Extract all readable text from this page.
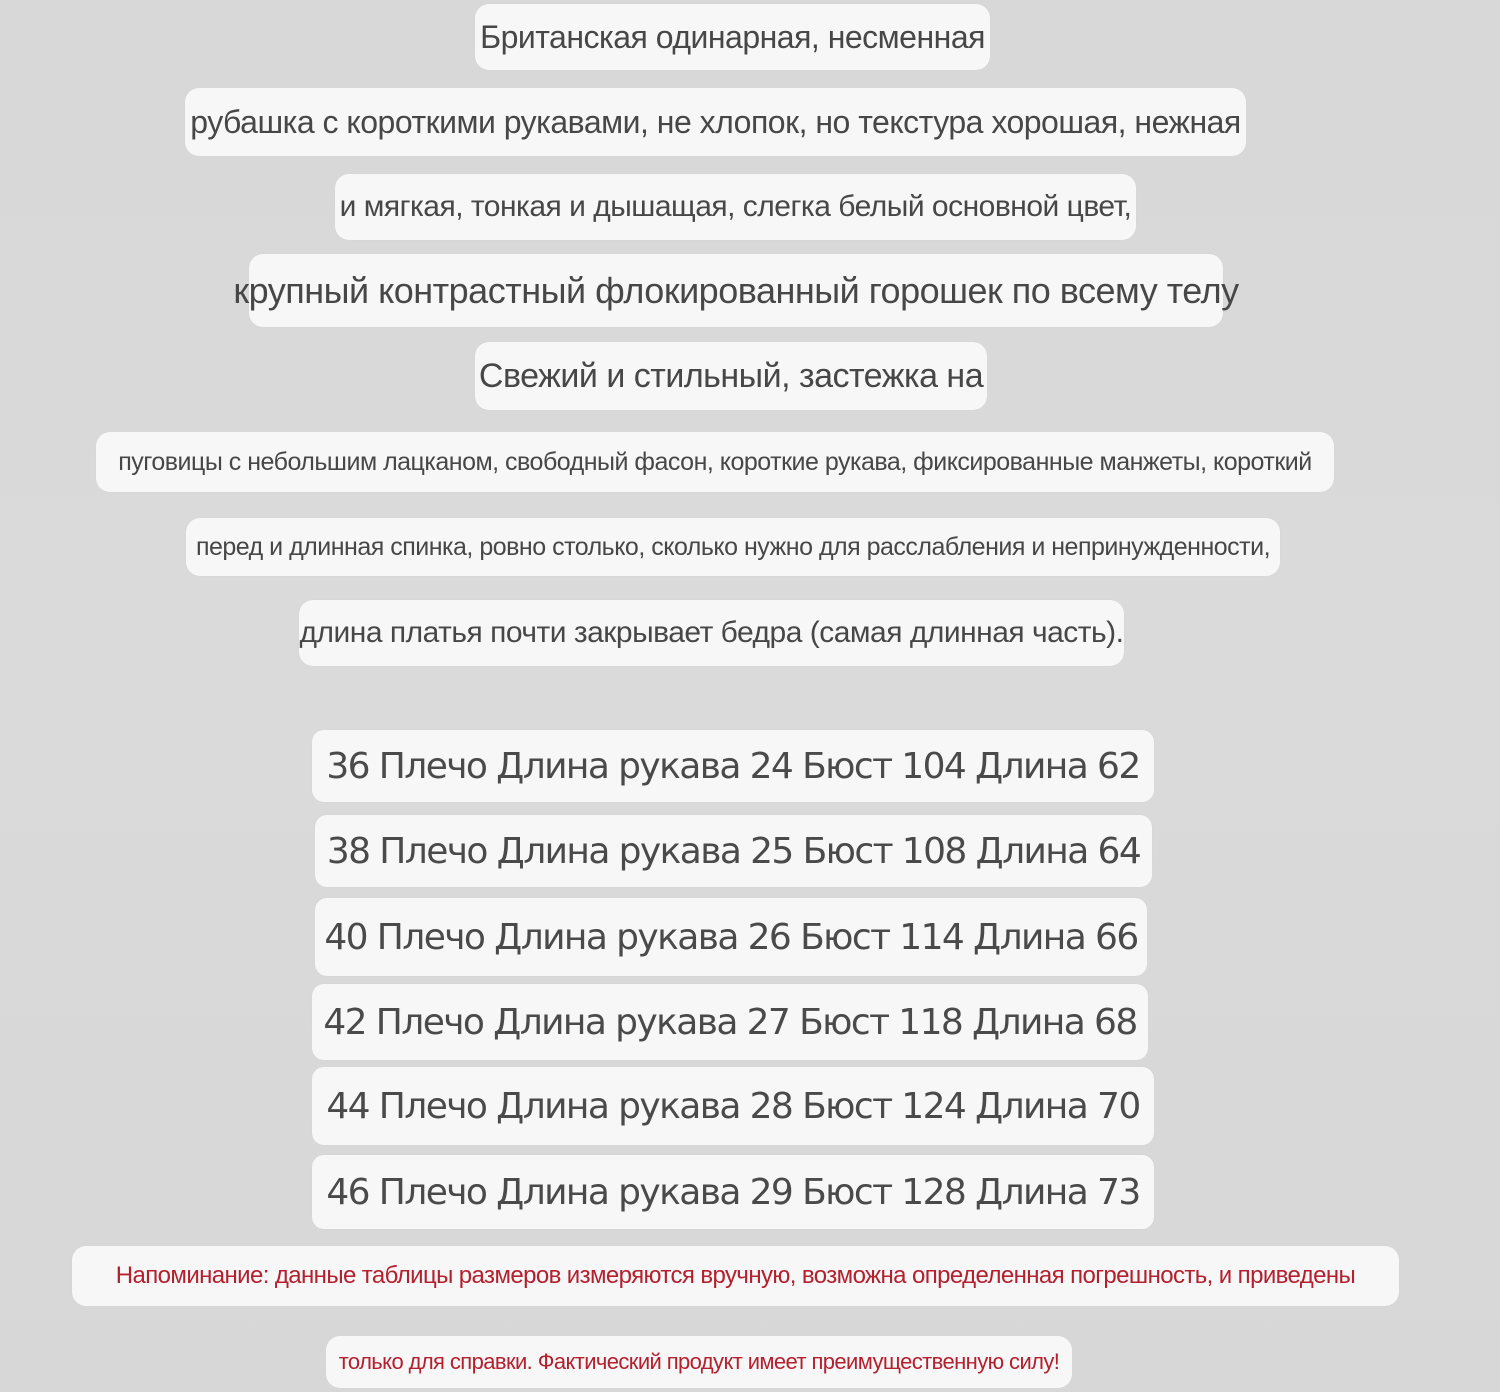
Британская одинарная, несменная
рубашка с короткими рукавами, не хлопок, но текстура хорошая, нежная
и мягкая, тонкая и дышащая, слегка белый основной цвет,
крупный контрастный флокированный горошек по всему телу
Свежий и стильный, застежка на
пуговицы с небольшим лацканом, свободный фасон, короткие рукава, фиксированные манжеты, короткий
перед и длинная спинка, ровно столько, сколько нужно для расслабления и непринужденности,
длина платья почти закрывает бедра (самая длинная часть).
36 Плечо Длина рукава 24 Бюст 104 Длина 62
38 Плечо Длина рукава 25 Бюст 108 Длина 64
40 Плечо Длина рукава 26 Бюст 114 Длина 66
42 Плечо Длина рукава 27 Бюст 118 Длина 68
44 Плечо Длина рукава 28 Бюст 124 Длина 70
46 Плечо Длина рукава 29 Бюст 128 Длина 73
Напоминание: данные таблицы размеров измеряются вручную, возможна определенная погрешность, и приведены
только для справки. Фактический продукт имеет преимущественную силу!
